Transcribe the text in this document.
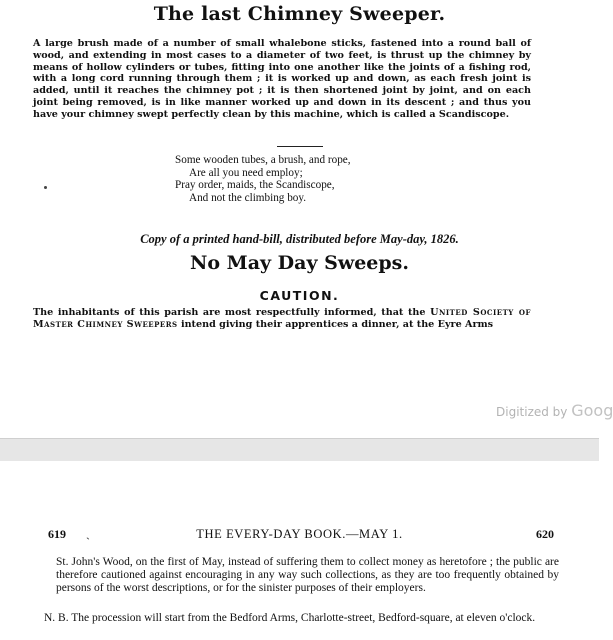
The last Chimney Sweeper.
A large brush made of a number of small whalebone sticks, fastened into a round ball of wood, and extending in most cases to a diameter of two feet, is thrust up the chimney by means of hollow cylinders or tubes, fitting into one another like the joints of a fishing rod, with a long cord running through them ; it is worked up and down, as each fresh joint is added, until it reaches the chimney pot ; it is then shortened joint by joint, and on each joint being removed, is in like manner worked up and down in its descent ; and thus you have your chimney swept perfectly clean by this machine, which is called a Scandiscope.
Some wooden tubes, a brush, and rope,
Are all you need employ;
Pray order, maids, the Scandiscope,
And not the climbing boy.
Copy of a printed hand-bill, distributed before May-day, 1826.
No May Day Sweeps.
CAUTION.
The inhabitants of this parish are most respectfully informed, that the United Society of Master Chimney Sweepers intend giving their apprentices a dinner, at the Eyre Arms
Digitized by Goog
619 ˎ	THE EVERY-DAY BOOK.—MAY 1.	620
St. John's Wood, on the first of May, instead of suffering them to collect money as heretofore ; the public are therefore cautioned against encouraging in any way such collections, as they are too frequently obtained by persons of the worst descriptions, or for the sinister purposes of their employers.
N. B. The procession will start from the Bedford Arms, Charlotte-street, Bedford-square, at eleven o'clock.
